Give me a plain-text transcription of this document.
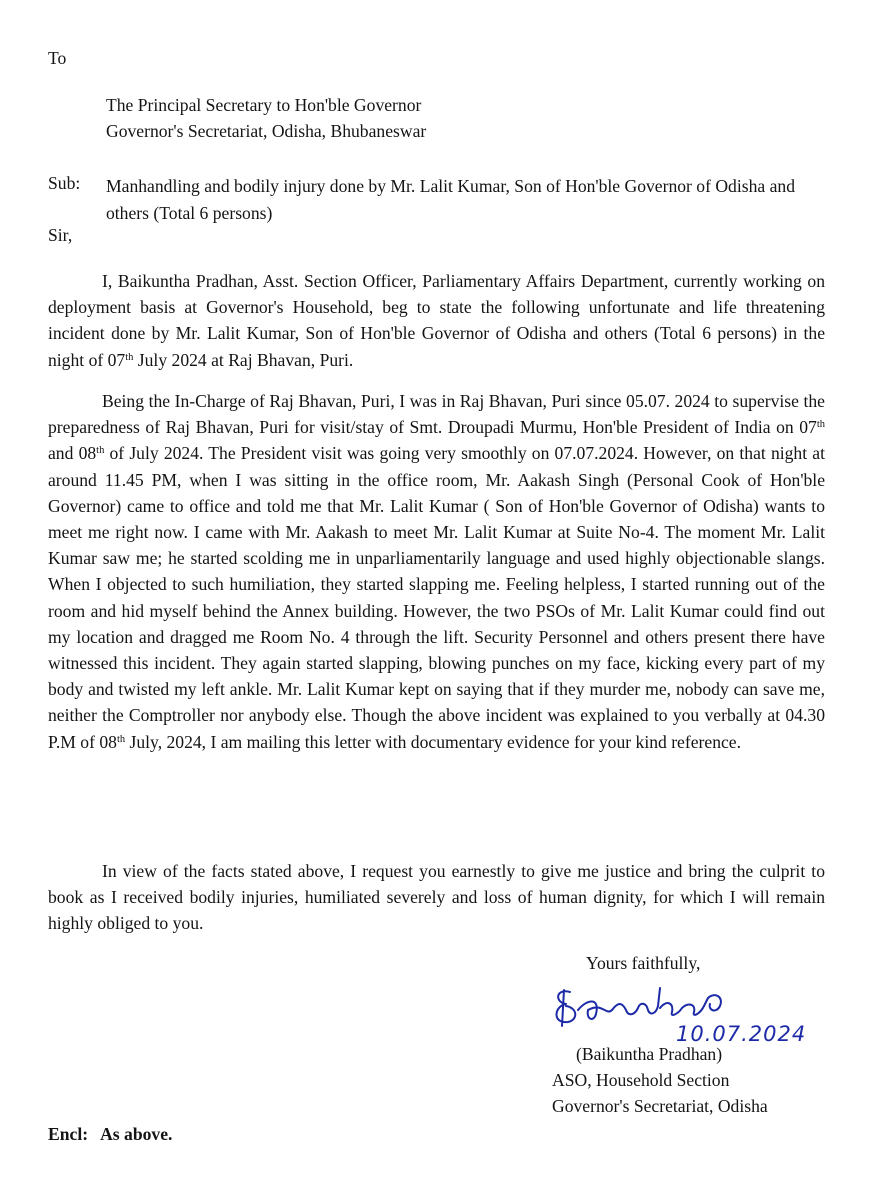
To

The Principal Secretary to Hon'ble Governor
Governor's Secretariat, Odisha, Bhubaneswar

Sub: Manhandling and bodily injury done by Mr. Lalit Kumar, Son of Hon'ble Governor of Odisha and others (Total 6 persons)

Sir,

I, Baikuntha Pradhan, Asst. Section Officer, Parliamentary Affairs Department, currently working on deployment basis at Governor's Household, beg to state the following unfortunate and life threatening incident done by Mr. Lalit Kumar, Son of Hon'ble Governor of Odisha and others (Total 6 persons) in the night of 07th July 2024 at Raj Bhavan, Puri.

Being the In-Charge of Raj Bhavan, Puri, I was in Raj Bhavan, Puri since 05.07. 2024 to supervise the preparedness of Raj Bhavan, Puri for visit/stay of Smt. Droupadi Murmu, Hon'ble President of India on 07th and 08th of July 2024. The President visit was going very smoothly on 07.07.2024. However, on that night at around 11.45 PM, when I was sitting in the office room, Mr. Aakash Singh (Personal Cook of Hon'ble Governor) came to office and told me that Mr. Lalit Kumar ( Son of Hon'ble Governor of Odisha) wants to meet me right now. I came with Mr. Aakash to meet Mr. Lalit Kumar at Suite No-4. The moment Mr. Lalit Kumar saw me; he started scolding me in unparliamentarily language and used highly objectionable slangs. When I objected to such humiliation, they started slapping me. Feeling helpless, I started running out of the room and hid myself behind the Annex building. However, the two PSOs of Mr. Lalit Kumar could find out my location and dragged me Room No. 4 through the lift. Security Personnel and others present there have witnessed this incident. They again started slapping, blowing punches on my face, kicking every part of my body and twisted my left ankle. Mr. Lalit Kumar kept on saying that if they murder me, nobody can save me, neither the Comptroller nor anybody else. Though the above incident was explained to you verbally at 04.30 P.M of 08th July, 2024, I am mailing this letter with documentary evidence for your kind reference.

In view of the facts stated above, I request you earnestly to give me justice and bring the culprit to book as I received bodily injuries, humiliated severely and loss of human dignity, for which I will remain highly obliged to you.

Yours faithfully,

10.07.2024
(Baikuntha Pradhan)
ASO, Household Section
Governor's Secretariat, Odisha

Encl: As above.
